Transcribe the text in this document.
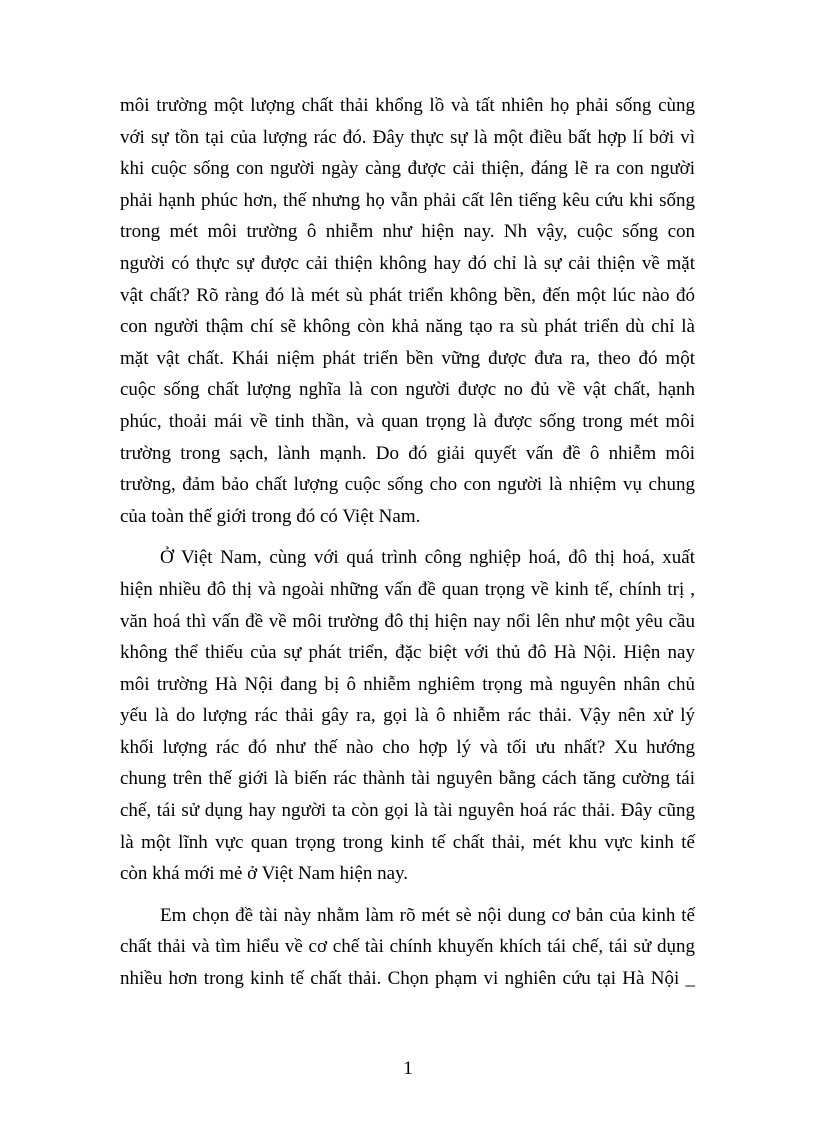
môi trường một lượng chất thải khổng lồ và tất nhiên họ phải sống cùng
với sự tồn tại của lượng rác đó. Đây thực sự là một điều bất hợp lí bởi vì
khi cuộc sống con người ngày càng được cải thiện, đáng lẽ ra con người
phải hạnh phúc hơn, thế nhưng họ vẫn phải cất lên tiếng kêu cứu khi sống
trong mét môi trường ô nhiễm như hiện nay. Nh vậy, cuộc sống con
người có thực sự được cải thiện không hay đó chỉ là sự cải thiện về mặt
vật chất? Rõ ràng đó là mét sù phát triển không bền, đến một lúc nào đó
con người thậm chí sẽ không còn khả năng tạo ra sù phát triển dù chỉ là
mặt vật chất. Khái niệm phát triển bền vững được đưa ra, theo đó một
cuộc sống chất lượng nghĩa là con người được no đủ về vật chất, hạnh
phúc, thoải mái về tinh thần, và quan trọng là được sống trong mét môi
trường trong sạch, lành mạnh. Do đó giải quyết vấn đề ô nhiễm môi
trường, đảm bảo chất lượng cuộc sống cho con người là nhiệm vụ chung
của toàn thế giới trong đó có Việt Nam.
Ở Việt Nam, cùng với quá trình công nghiệp hoá, đô thị hoá, xuất
hiện nhiều đô thị và ngoài những vấn đề quan trọng về kinh tế, chính trị ,
văn hoá thì vấn đề về môi trường đô thị hiện nay nổi lên như một yêu cầu
không thể thiếu của sự phát triển, đặc biệt với thủ đô Hà Nội. Hiện nay
môi trường Hà Nội đang bị ô nhiễm nghiêm trọng mà nguyên nhân chủ
yếu là do lượng rác thải gây ra, gọi là ô nhiễm rác thải. Vậy nên xử lý
khối lượng rác đó như thế nào cho hợp lý và tối ưu nhất? Xu hướng
chung trên thế giới là biến rác thành tài nguyên bằng cách tăng cường tái
chế, tái sử dụng hay người ta còn gọi là tài nguyên hoá rác thải. Đây cũng
là một lĩnh vực quan trọng trong kinh tế chất thải, mét khu vực kinh tế
còn khá mới mẻ ở Việt Nam hiện nay.
Em chọn đề tài này nhằm làm rõ mét sè nội dung cơ bản của kinh tế
chất thải và tìm hiểu về cơ chế tài chính khuyến khích tái chế, tái sử dụng
nhiều hơn trong kinh tế chất thải. Chọn phạm vi nghiên cứu tại Hà Nội _
1
